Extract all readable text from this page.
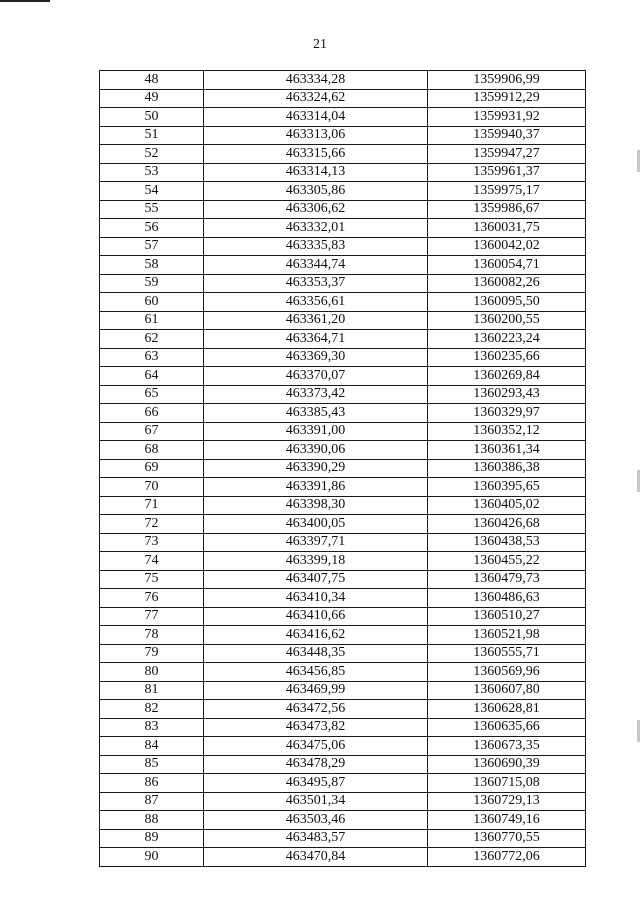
21
48	463334,28	1359906,99
49	463324,62	1359912,29
50	463314,04	1359931,92
51	463313,06	1359940,37
52	463315,66	1359947,27
53	463314,13	1359961,37
54	463305,86	1359975,17
55	463306,62	1359986,67
56	463332,01	1360031,75
57	463335,83	1360042,02
58	463344,74	1360054,71
59	463353,37	1360082,26
60	463356,61	1360095,50
61	463361,20	1360200,55
62	463364,71	1360223,24
63	463369,30	1360235,66
64	463370,07	1360269,84
65	463373,42	1360293,43
66	463385,43	1360329,97
67	463391,00	1360352,12
68	463390,06	1360361,34
69	463390,29	1360386,38
70	463391,86	1360395,65
71	463398,30	1360405,02
72	463400,05	1360426,68
73	463397,71	1360438,53
74	463399,18	1360455,22
75	463407,75	1360479,73
76	463410,34	1360486,63
77	463410,66	1360510,27
78	463416,62	1360521,98
79	463448,35	1360555,71
80	463456,85	1360569,96
81	463469,99	1360607,80
82	463472,56	1360628,81
83	463473,82	1360635,66
84	463475,06	1360673,35
85	463478,29	1360690,39
86	463495,87	1360715,08
87	463501,34	1360729,13
88	463503,46	1360749,16
89	463483,57	1360770,55
90	463470,84	1360772,06
